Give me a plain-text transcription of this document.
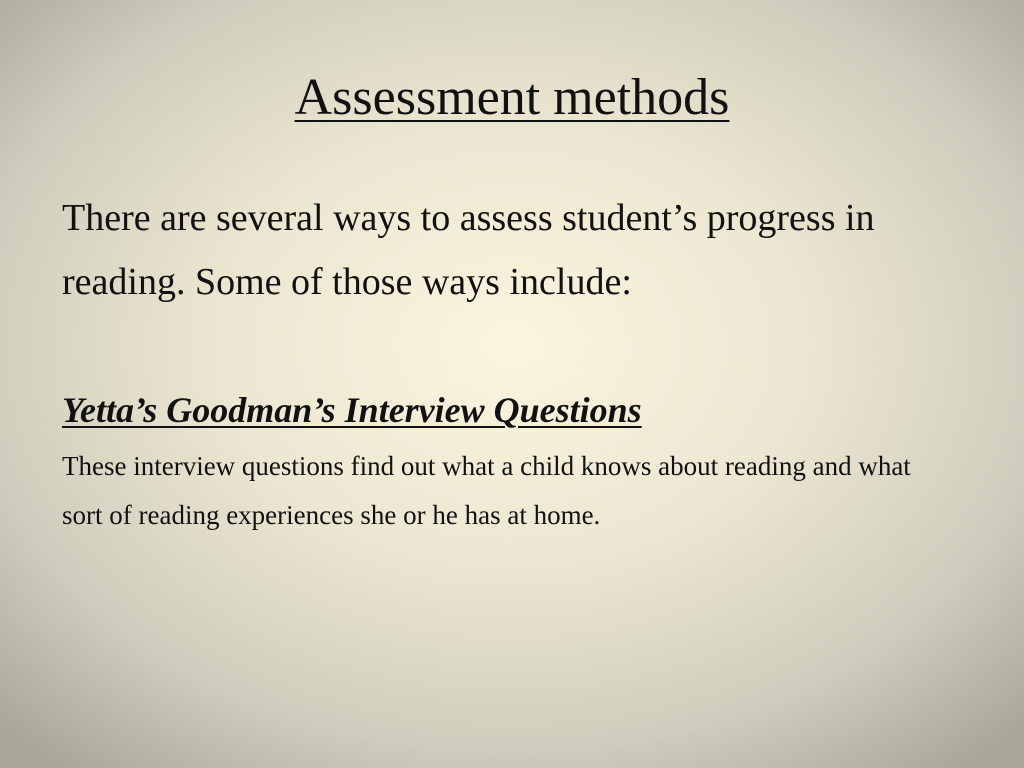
Assessment methods
There are several ways to assess student’s progress in reading. Some of those ways include:
Yetta’s Goodman’s Interview Questions
These interview questions find out what a child knows about reading and what sort of reading experiences she or he has at home.
